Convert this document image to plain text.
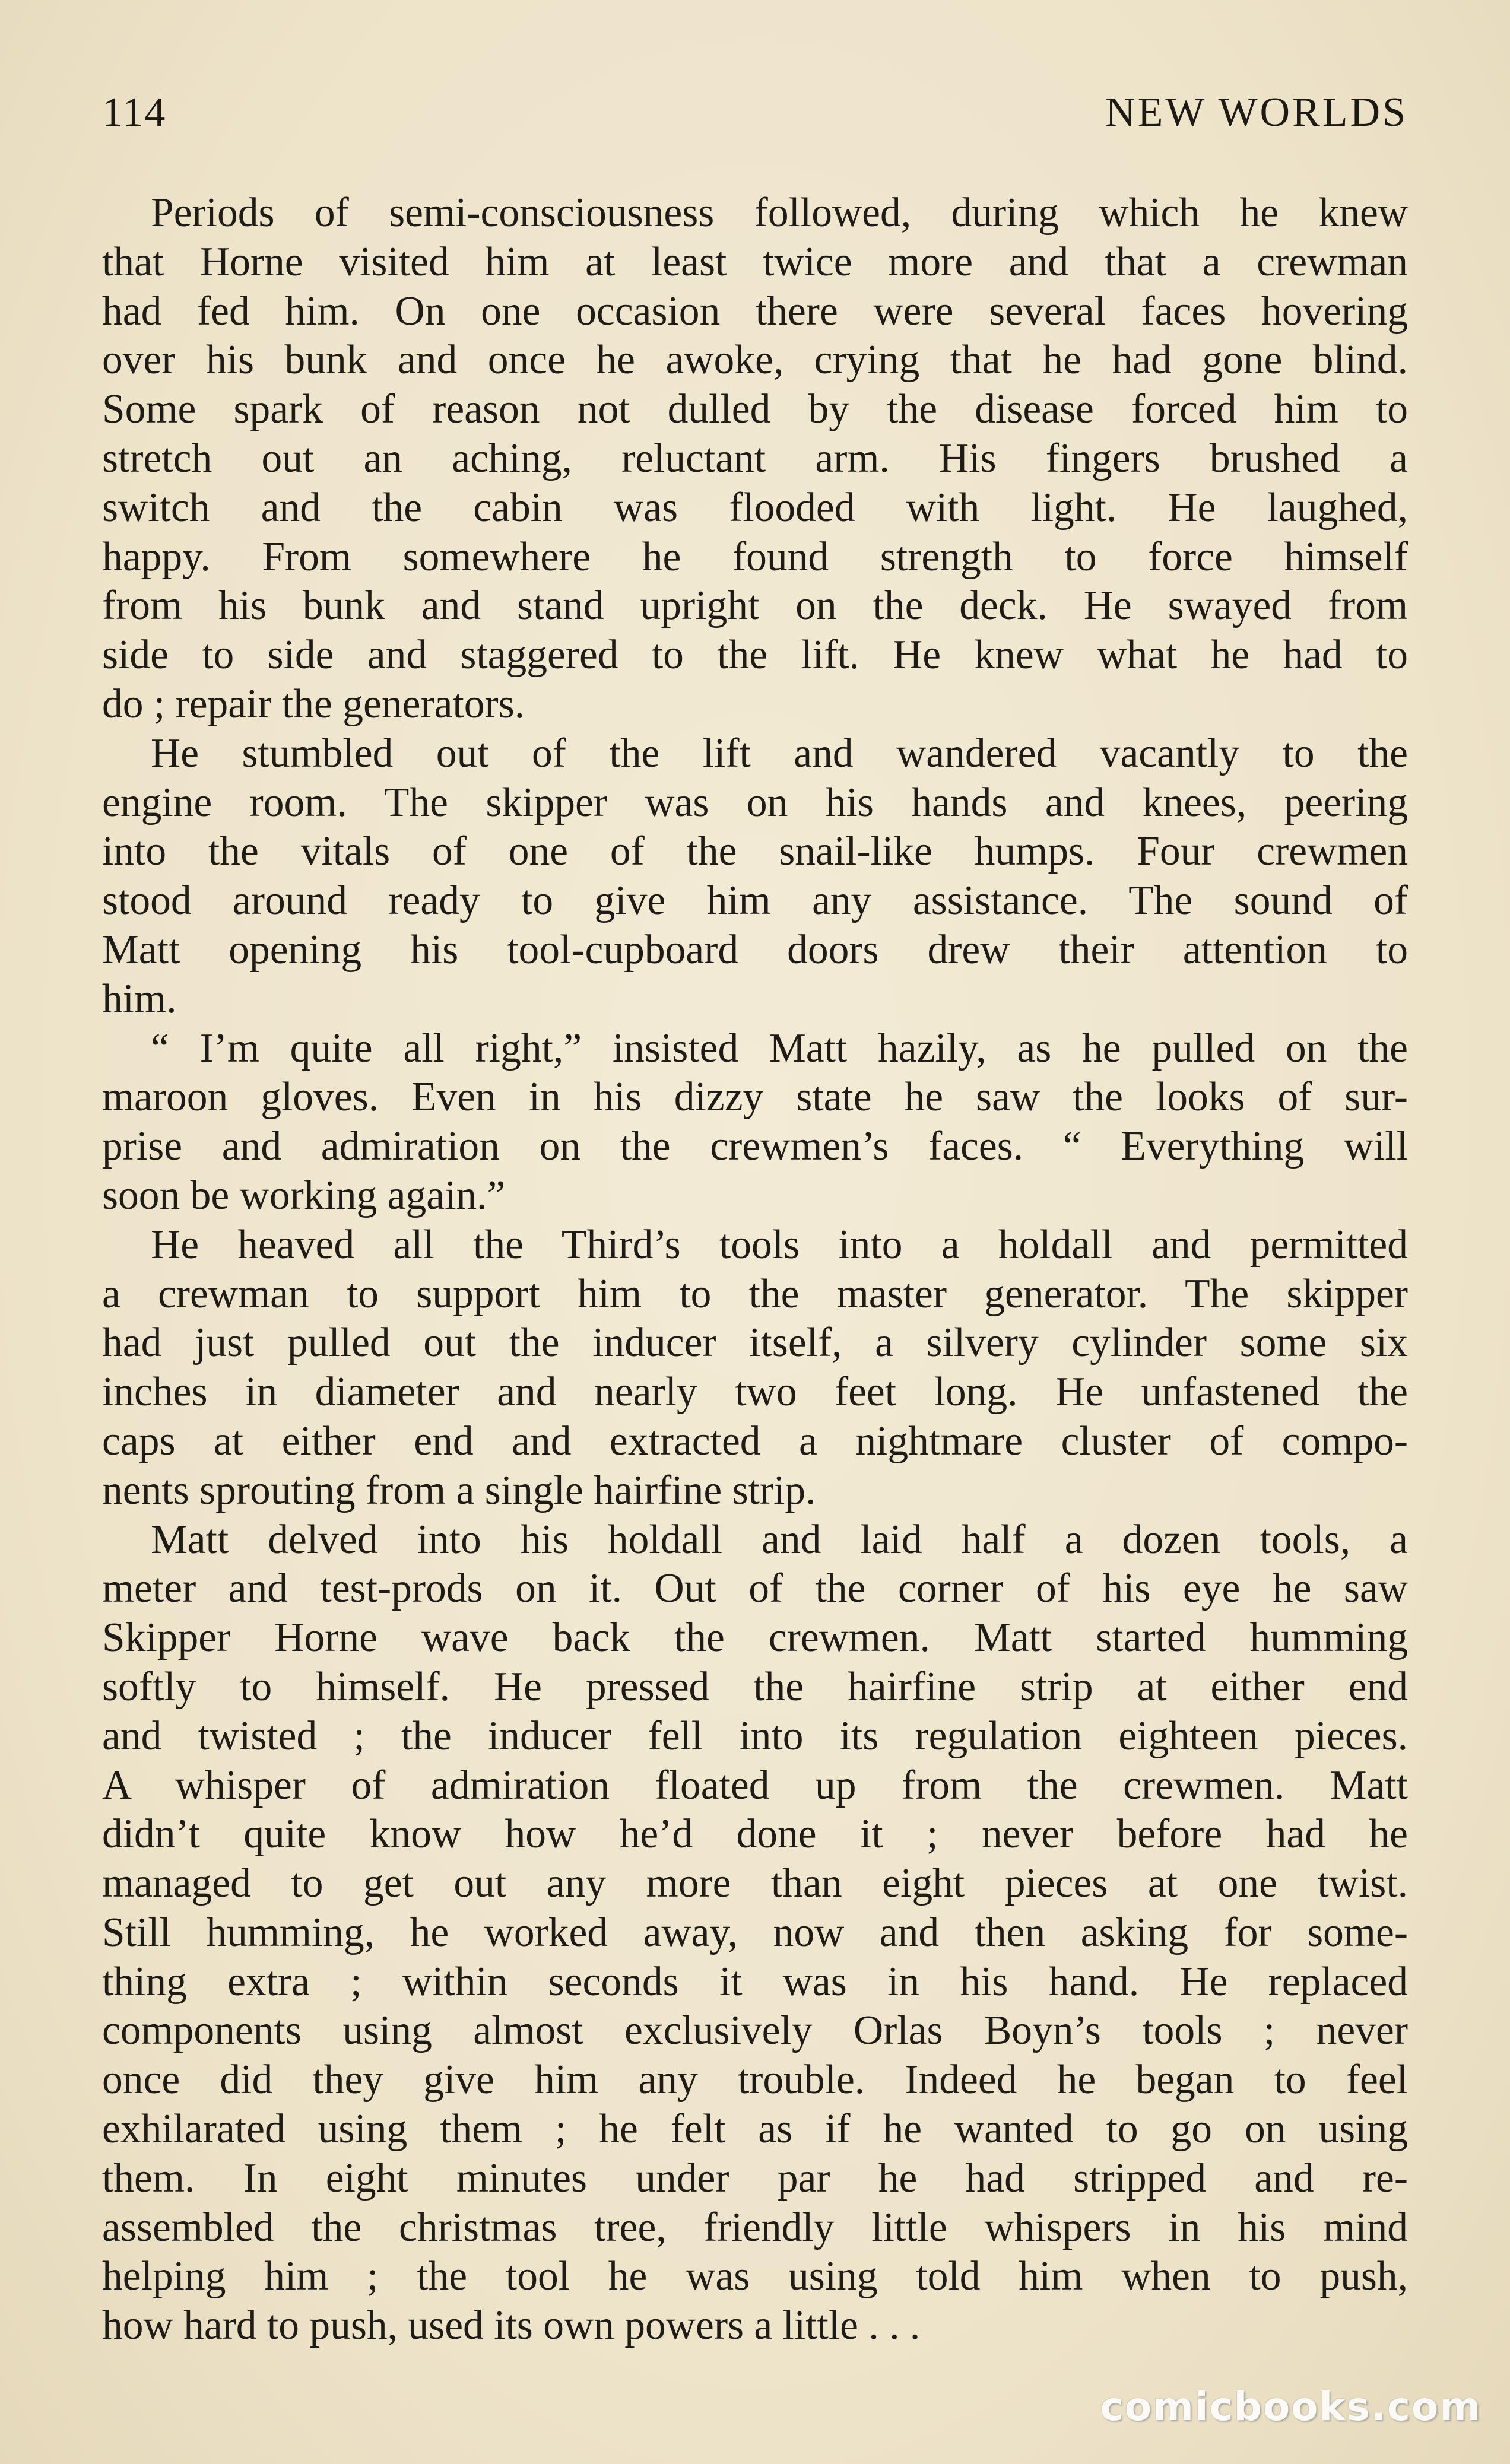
114	NEW WORLDS
Periods of semi-consciousness followed, during which he knew
that Horne visited him at least twice more and that a crewman
had fed him. On one occasion there were several faces hovering
over his bunk and once he awoke, crying that he had gone blind.
Some spark of reason not dulled by the disease forced him to
stretch out an aching, reluctant arm. His fingers brushed a
switch and the cabin was flooded with light. He laughed,
happy. From somewhere he found strength to force himself
from his bunk and stand upright on the deck. He swayed from
side to side and staggered to the lift. He knew what he had to
do ; repair the generators.
He stumbled out of the lift and wandered vacantly to the
engine room. The skipper was on his hands and knees, peering
into the vitals of one of the snail-like humps. Four crewmen
stood around ready to give him any assistance. The sound of
Matt opening his tool-cupboard doors drew their attention to
him.
“ I’m quite all right,” insisted Matt hazily, as he pulled on the
maroon gloves. Even in his dizzy state he saw the looks of sur-
prise and admiration on the crewmen’s faces. “ Everything will
soon be working again.”
He heaved all the Third’s tools into a holdall and permitted
a crewman to support him to the master generator. The skipper
had just pulled out the inducer itself, a silvery cylinder some six
inches in diameter and nearly two feet long. He unfastened the
caps at either end and extracted a nightmare cluster of compo-
nents sprouting from a single hairfine strip.
Matt delved into his holdall and laid half a dozen tools, a
meter and test-prods on it. Out of the corner of his eye he saw
Skipper Horne wave back the crewmen. Matt started humming
softly to himself. He pressed the hairfine strip at either end
and twisted ; the inducer fell into its regulation eighteen pieces.
A whisper of admiration floated up from the crewmen. Matt
didn’t quite know how he’d done it ; never before had he
managed to get out any more than eight pieces at one twist.
Still humming, he worked away, now and then asking for some-
thing extra ; within seconds it was in his hand. He replaced
components using almost exclusively Orlas Boyn’s tools ; never
once did they give him any trouble. Indeed he began to feel
exhilarated using them ; he felt as if he wanted to go on using
them. In eight minutes under par he had stripped and re-
assembled the christmas tree, friendly little whispers in his mind
helping him ; the tool he was using told him when to push,
how hard to push, used its own powers a little . . .
comicbooks.com
